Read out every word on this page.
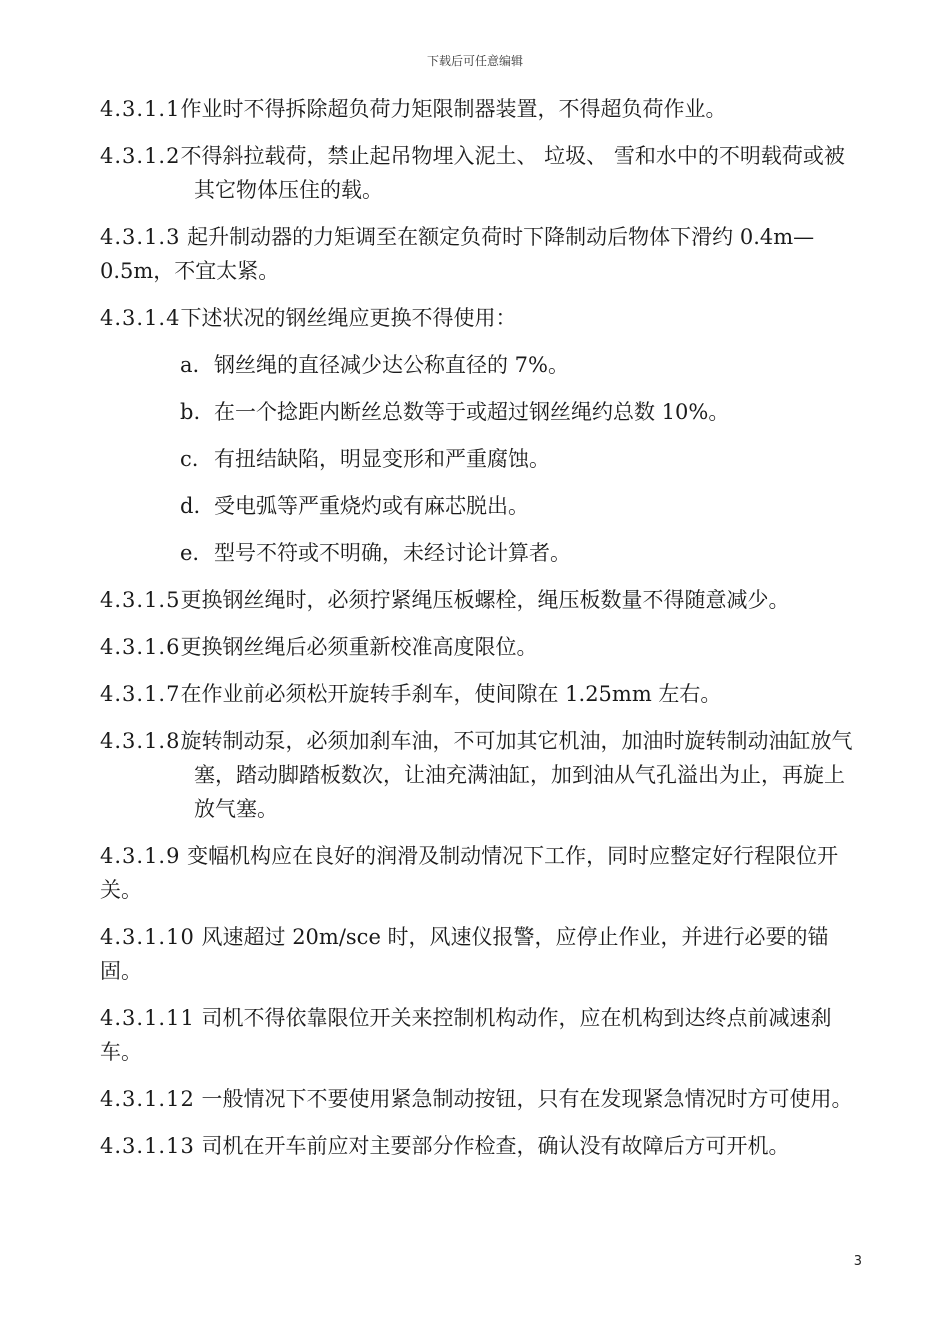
下载后可任意编辑
4.3.1.1作业时不得拆除超负荷力矩限制器装置，不得超负荷作业。
4.3.1.2不得斜拉载荷，禁止起吊物埋入泥土、 垃圾、 雪和水中的不明载荷或被其它物体压住的载。
4.3.1.3 起升制动器的力矩调至在额定负荷时下降制动后物体下滑约 0.4m—0.5m，不宜太紧。
4.3.1.4下述状况的钢丝绳应更换不得使用：
a. 钢丝绳的直径减少达公称直径的 7%。
b. 在一个捻距内断丝总数等于或超过钢丝绳约总数 10%。
c. 有扭结缺陷，明显变形和严重腐蚀。
d. 受电弧等严重烧灼或有麻芯脱出。
e. 型号不符或不明确，未经讨论计算者。
4.3.1.5更换钢丝绳时，必须拧紧绳压板螺栓，绳压板数量不得随意减少。
4.3.1.6更换钢丝绳后必须重新校准高度限位。
4.3.1.7在作业前必须松开旋转手刹车，使间隙在 1.25mm 左右。
4.3.1.8旋转制动泵，必须加刹车油，不可加其它机油，加油时旋转制动油缸放气塞，踏动脚踏板数次，让油充满油缸，加到油从气孔溢出为止，再旋上放气塞。
4.3.1.9 变幅机构应在良好的润滑及制动情况下工作，同时应整定好行程限位开关。
4.3.1.10 风速超过 20m/sce 时，风速仪报警，应停止作业，并进行必要的锚固。
4.3.1.11 司机不得依靠限位开关来控制机构动作，应在机构到达终点前减速刹车。
4.3.1.12 一般情况下不要使用紧急制动按钮，只有在发现紧急情况时方可使用。
4.3.1.13 司机在开车前应对主要部分作检查，确认没有故障后方可开机。
3
